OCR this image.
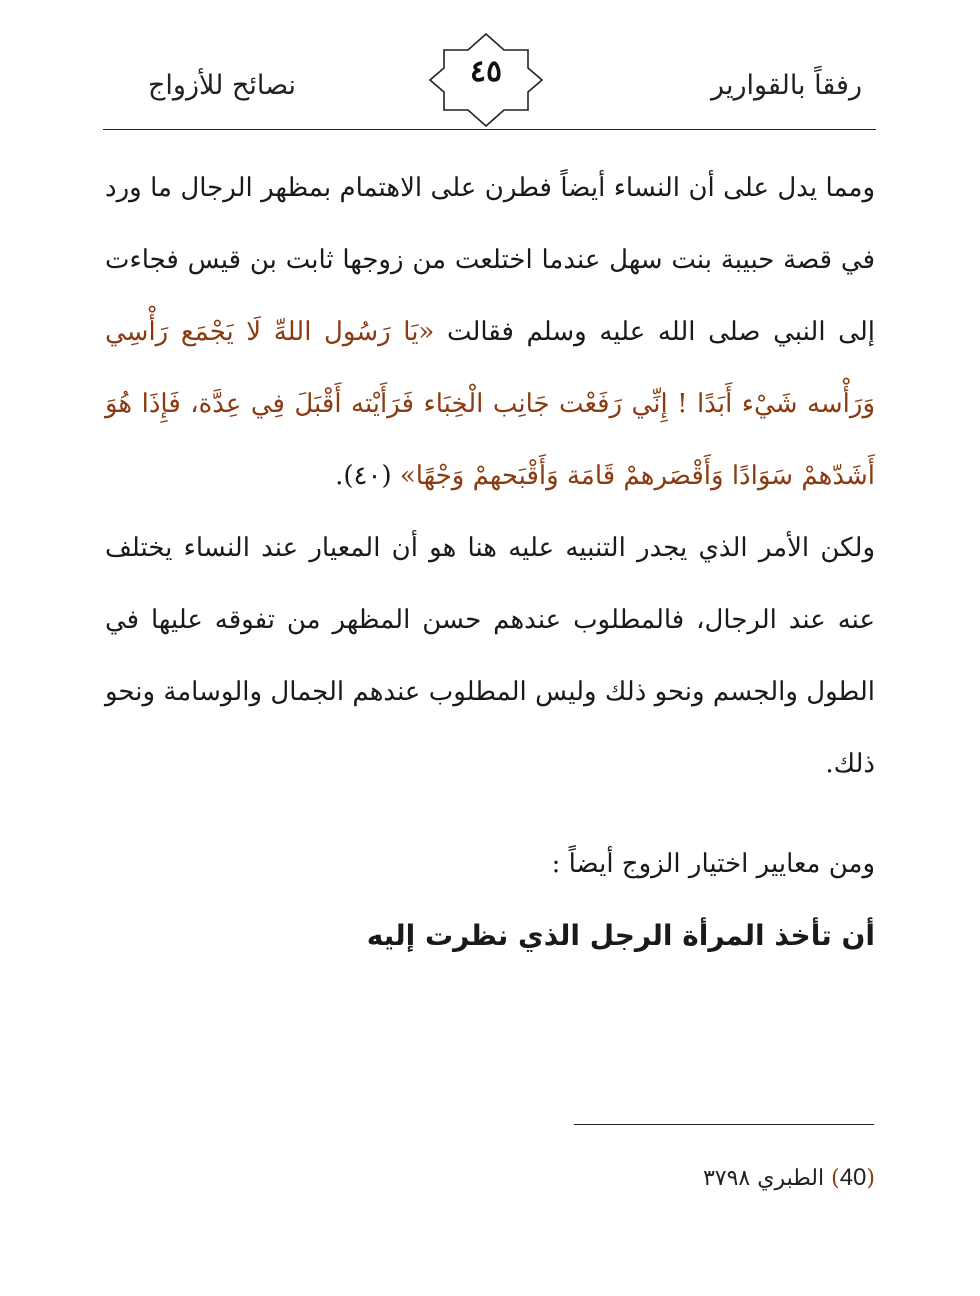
رفقاً بالقوارير
٤٥
نصائح للأزواج

ومما يدل على أن النساء أيضاً فطرن على الاهتمام بمظهر الرجال ما ورد في قصة حبيبة بنت سهل عندما اختلعت من زوجها ثابت بن قيس فجاءت إلى النبي صلى الله عليه وسلم فقالت «يَا رَسُول اللهِّ لَا يَجْمَع رَأْسِي وَرَأْسه شَيْء أَبَدًا ! إِنِّي رَفَعْت جَانِب الْخِبَاء فَرَأَيْته أَقْبَلَ فِي عِدَّة، فَإِذَا هُوَ أَشَدّهمْ سَوَادًا وَأَقْصَرهمْ قَامَة وَأَقْبَحهمْ وَجْهًا» (٤٠).

ولكن الأمر الذي يجدر التنبيه عليه هنا هو أن المعيار عند النساء يختلف عنه عند الرجال، فالمطلوب عندهم حسن المظهر من تفوقه عليها في الطول والجسم ونحو ذلك وليس المطلوب عندهم الجمال والوسامة ونحو ذلك.

ومن معايير اختيار الزوج أيضاً :

أن تأخذ المرأة الرجل الذي نظرت إليه

(40) الطبري ٣٧٩٨
